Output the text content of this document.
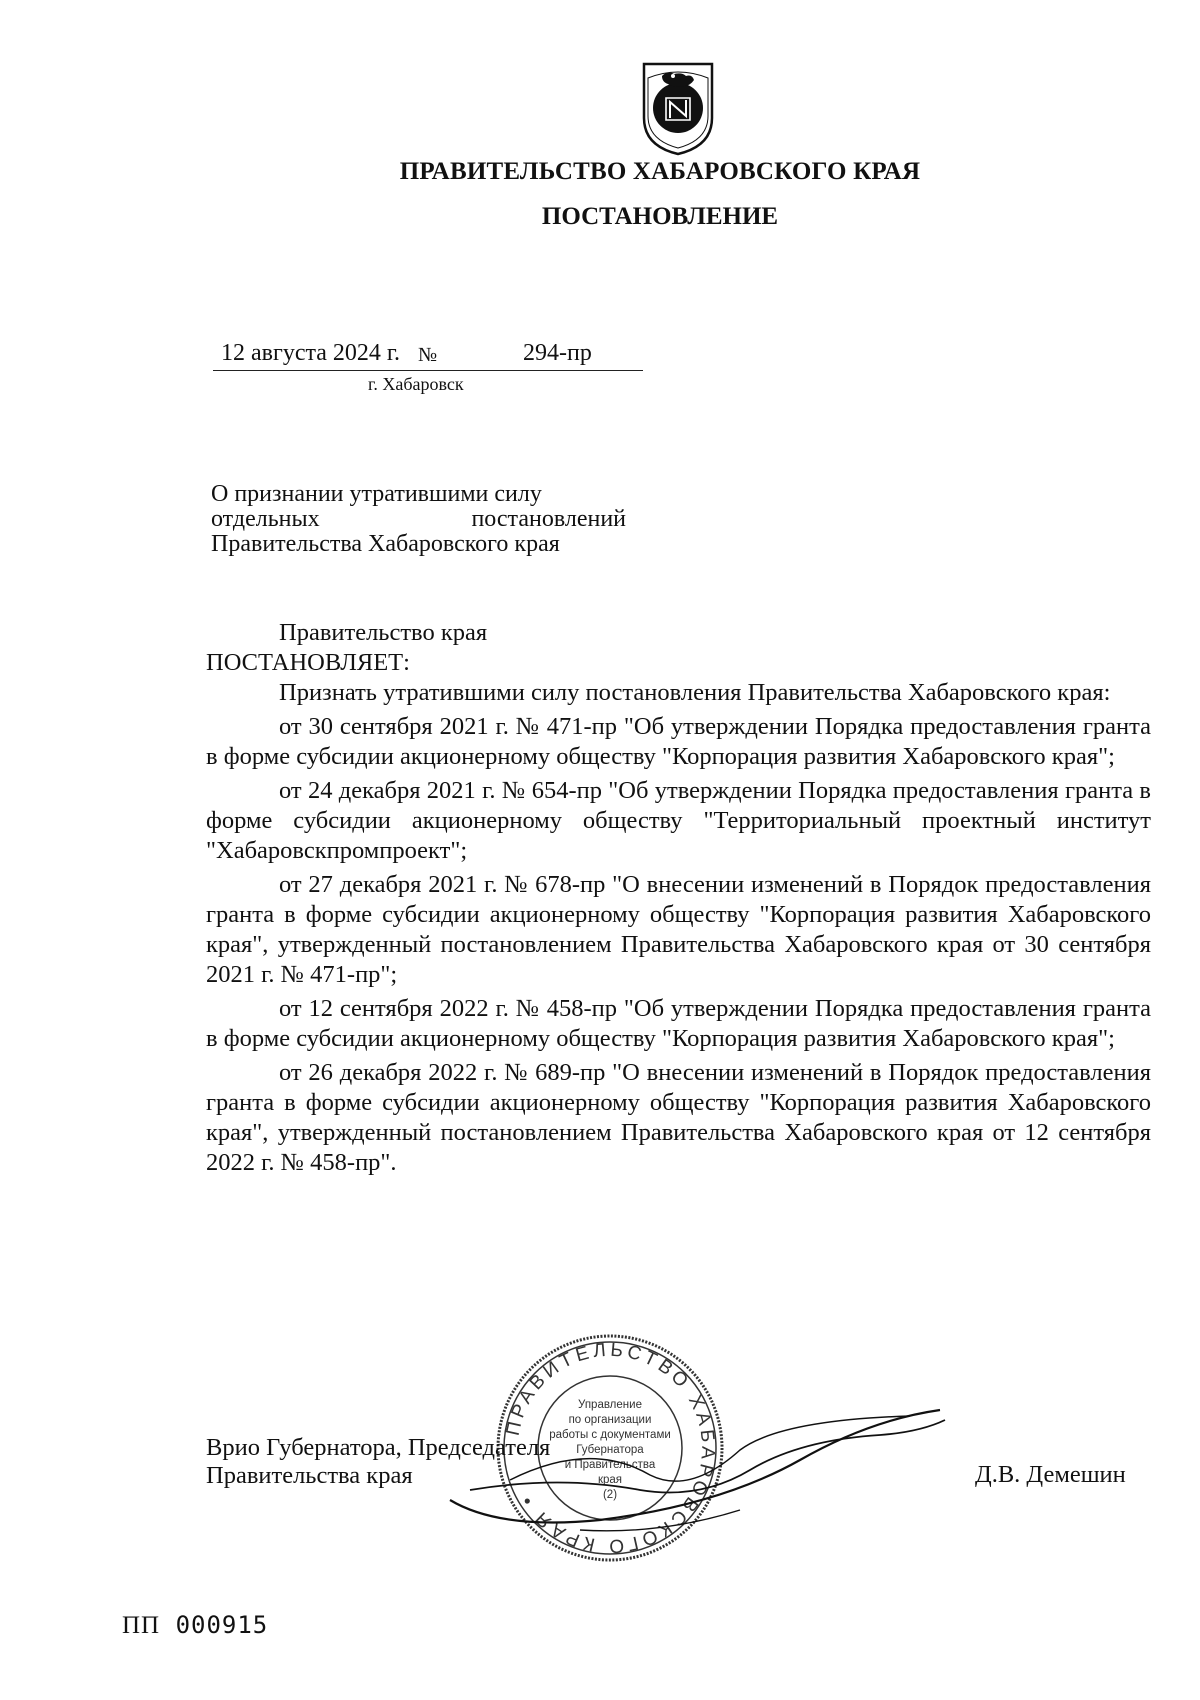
ПРАВИТЕЛЬСТВО ХАБАРОВСКОГО КРАЯ
ПОСТАНОВЛЕНИЕ
12 августа 2024 г. №	294-пр
г. Хабаровск
О признании утратившими силу
отдельных	постановлений
Правительства Хабаровского края

Правительство края

ПОСТАНОВЛЯЕТ:

Признать утратившими силу постановления Правительства Хабаровского края:

от 30 сентября 2021 г. № 471-пр "Об утверждении Порядка предоставления гранта в форме субсидии акционерному обществу "Корпорация развития Хабаровского края";

от 24 декабря 2021 г. № 654-пр "Об утверждении Порядка предоставления гранта в форме субсидии акционерному обществу "Территориальный проектный институт "Хабаровскпромпроект";

от 27 декабря 2021 г. № 678-пр "О внесении изменений в Порядок предоставления гранта в форме субсидии акционерному обществу "Корпорация развития Хабаровского края", утвержденный постановлением Правительства Хабаровского края от 30 сентября 2021 г. № 471-пр";

от 12 сентября 2022 г. № 458-пр "Об утверждении Порядка предоставления гранта в форме субсидии акционерному обществу "Корпорация развития Хабаровского края";

от 26 декабря 2022 г. № 689-пр "О внесении изменений в Порядок предоставления гранта в форме субсидии акционерному обществу "Корпорация развития Хабаровского края", утвержденный постановлением Правительства Хабаровского края от 12 сентября 2022 г. № 458-пр".

ПРАВИТЕЛЬСТВО ХАБАРОВСКОГО КРАЯ •
Управление
по организации
работы с документами
Губернатора
и Правительства
края
(2)
Врио Губернатора, Председателя
Правительства края	Д.В. Демешин
ПП 000915
